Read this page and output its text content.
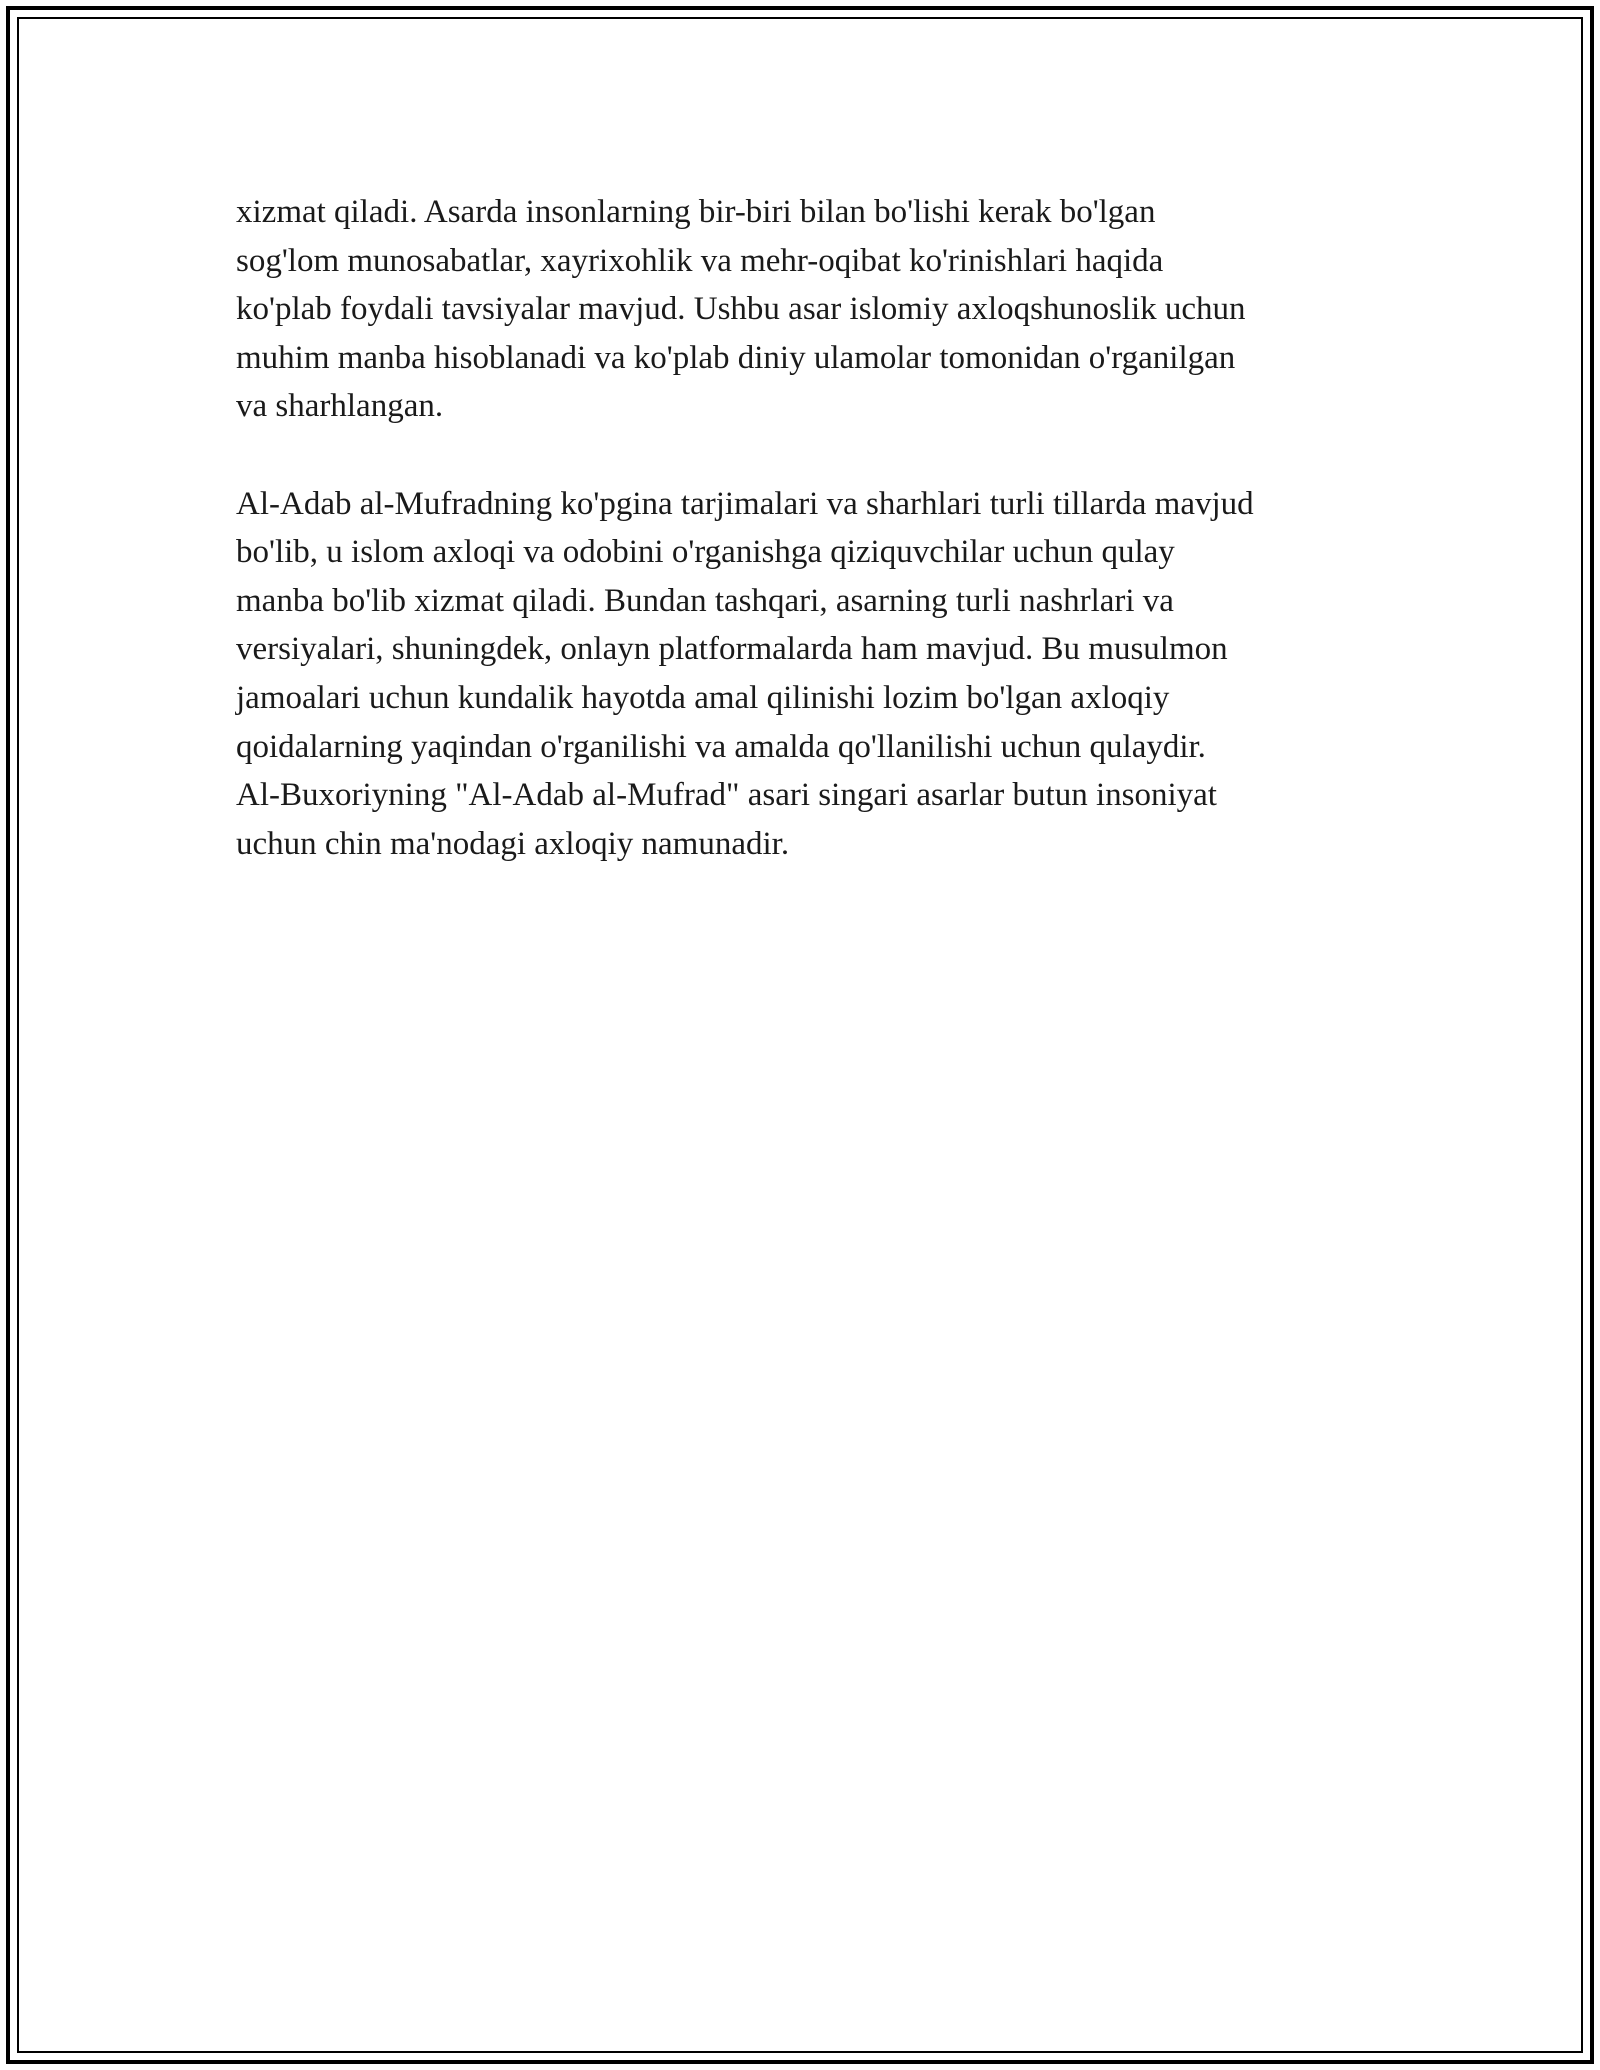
xizmat qiladi. Asarda insonlarning bir-biri bilan bo'lishi kerak bo'lgan
sog'lom munosabatlar, xayrixohlik va mehr-oqibat ko'rinishlari haqida
ko'plab foydali tavsiyalar mavjud. Ushbu asar islomiy axloqshunoslik uchun
muhim manba hisoblanadi va ko'plab diniy ulamolar tomonidan o'rganilgan
va sharhlangan.

Al-Adab al-Mufradning ko'pgina tarjimalari va sharhlari turli tillarda mavjud
bo'lib, u islom axloqi va odobini o'rganishga qiziquvchilar uchun qulay
manba bo'lib xizmat qiladi. Bundan tashqari, asarning turli nashrlari va
versiyalari, shuningdek, onlayn platformalarda ham mavjud. Bu musulmon
jamoalari uchun kundalik hayotda amal qilinishi lozim bo'lgan axloqiy
qoidalarning yaqindan o'rganilishi va amalda qo'llanilishi uchun qulaydir.
Al-Buxoriyning "Al-Adab al-Mufrad" asari singari asarlar butun insoniyat
uchun chin ma'nodagi axloqiy namunadir.
